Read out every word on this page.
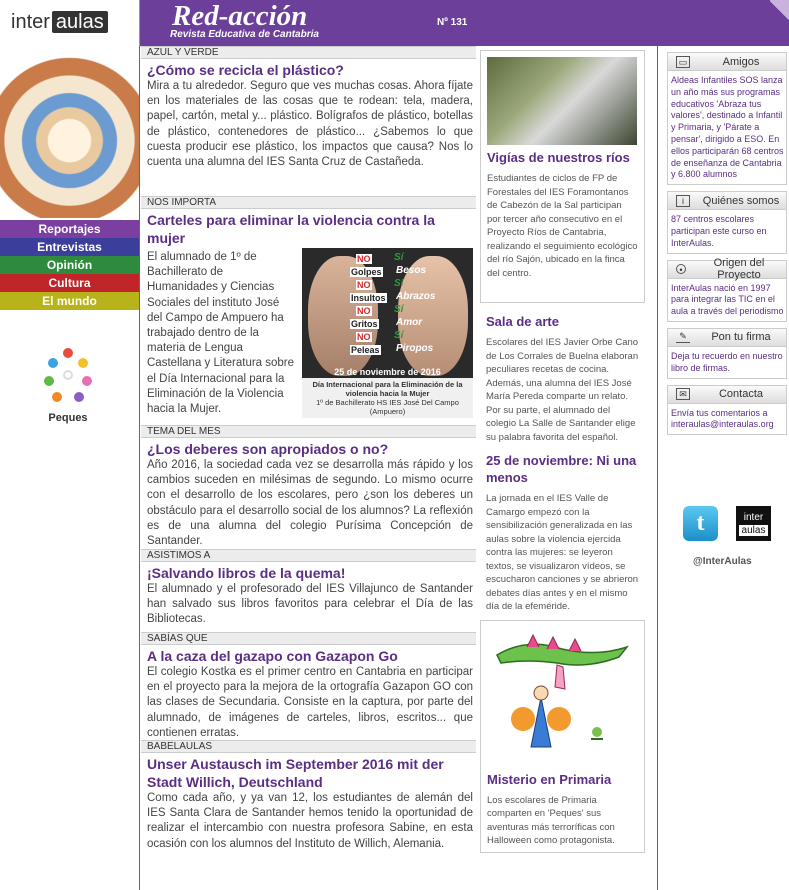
inter aulas Red-acción
Revista Educativa de Cantabria
Nº 131
Reportajes
Entrevistas
Opinión
Cultura
El mundo
Peques
AZUL Y VERDE
¿Cómo se recicla el plástico?

Mira a tu alrededor. Seguro que ves muchas cosas. Ahora fíjate en los materiales de las cosas que te rodean: tela, madera, papel, cartón, metal y... plástico. Bolígrafos de plástico, botellas de plástico, contenedores de plástico... ¿Sabemos lo que cuesta producir ese plástico, los impactos que causa? Nos lo cuenta una alumna del IES Santa Cruz de Castañeda.

NOS IMPORTA
Carteles para eliminar la violencia contra la mujer

El alumnado de 1º de Bachillerato de Humanidades y Ciencias Sociales del instituto José del Campo de Ampuero ha trabajado dentro de la materia de Lengua Castellana y Literatura sobre el Día Internacional para la Eliminación de la Violencia hacia la Mujer.

NO
Golpes
NO
Insultos
NO
Gritos
NO
Peleas
Sí
Besos
Sí
Abrazos
Sí
Amor
Sí
Piropos
25 de noviembre de 2016
Día Internacional para la Eliminación de la violencia hacia la Mujer
1º de Bachillerato HS IES José Del Campo (Ampuero)
TEMA DEL MES
¿Los deberes son apropiados o no?

Año 2016, la sociedad cada vez se desarrolla más rápido y los cambios suceden en milésimas de segundo. Lo mismo ocurre con el desarrollo de los escolares, pero ¿son los deberes un obstáculo para el desarrollo social de los alumnos? La reflexión es de una alumna del colegio Purísima Concepción de Santander.

ASISTIMOS A
¡Salvando libros de la quema!

El alumnado y el profesorado del IES Villajunco de Santander han salvado sus libros favoritos para celebrar el Día de las Bibliotecas.

SABÍAS QUE
A la caza del gazapo con Gazapon Go

El colegio Kostka es el primer centro en Cantabria en participar en el proyecto para la mejora de la ortografía Gazapon GO con las clases de Secundaria. Consiste en la captura, por parte del alumnado, de imágenes de carteles, libros, escritos... que contienen erratas.

BABELAULAS
Unser Austausch im September 2016 mit der Stadt Willich, Deutschland

Como cada año, y ya van 12, los estudiantes de alemán del IES Santa Clara de Santander hemos tenido la oportunidad de realizar el intercambio con nuestra profesora Sabine, en esta ocasión con los alumnos del Instituto de Willich, Alemania.

Vigías de nuestros ríos

Estudiantes de ciclos de FP de Forestales del IES Foramontanos de Cabezón de la Sal participan por tercer año consecutivo en el Proyecto Ríos de Cantabria, realizando el seguimiento ecológico del río Sajón, ubicado en la finca del centro.

Sala de arte

Escolares del IES Javier Orbe Cano de Los Corrales de Buelna elaboran peculiares recetas de cocina. Además, una alumna del IES José María Pereda comparte un relato. Por su parte, el alumnado del colegio La Salle de Santander elige su palabra favorita del español.

25 de noviembre: Ni una menos

La jornada en el IES Valle de Camargo empezó con la sensibilización generalizada en las aulas sobre la violencia ejercida contra las mujeres: se leyeron textos, se visualizaron vídeos, se escucharon canciones y se abrieron debates días antes y en el mismo día de la efeméride.

Misterio en Primaria

Los escolares de Primaria comparten en 'Peques' sus aventuras más terroríficas con Halloween como protagonista.

▭	Amigos
Aldeas Infantiles SOS lanza un año más sus programas educativos 'Abraza tus valores', destinado a Infantil y Primaria, y 'Párate a pensar', dirigido a ESO. En ellos participarán 68 centros de enseñanza de Cantabria y 6.800 alumnos
i	Quiénes somos
87 centros escolares participan este curso en InterAulas.
•
Origen del Proyecto
InterAulas nació en 1997 para integrar las TIC en el aula a través del periodismo
✎	Pon tu firma
Deja tu recuerdo en nuestro libro de firmas.
✉	Contacta
Envía tus comentarios a interaulas@interaulas.org
t	inter
aulas
@InterAulas
